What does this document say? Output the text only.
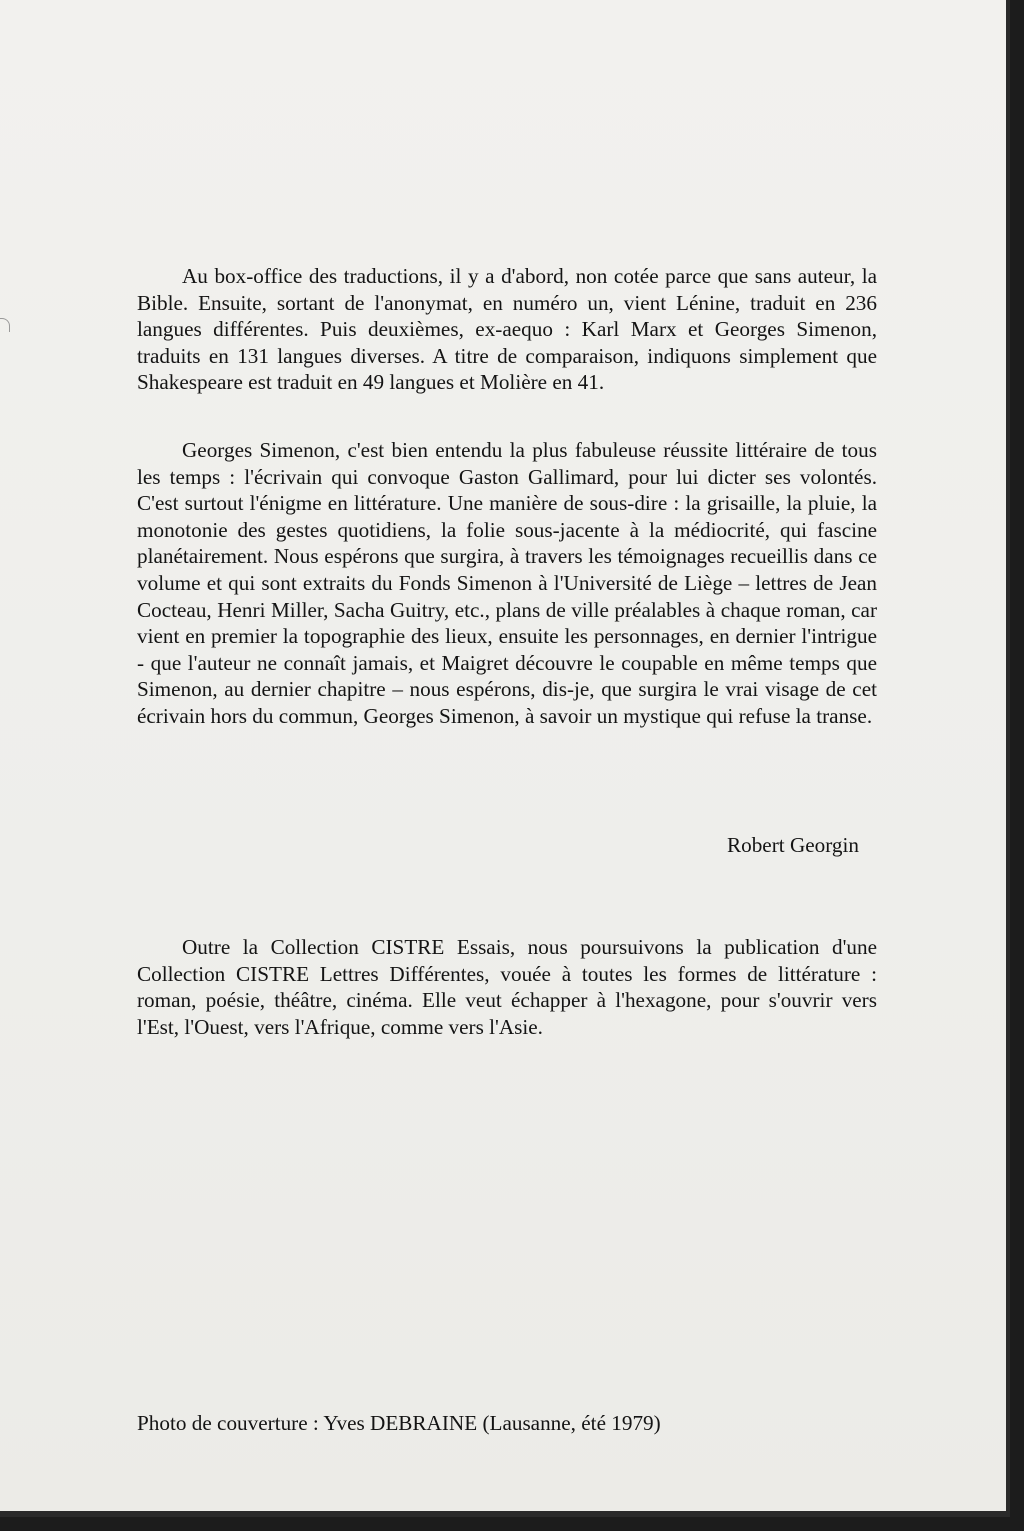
Au box-office des traductions, il y a d'abord, non cotée parce que sans auteur, la Bible. Ensuite, sortant de l'anonymat, en numéro un, vient Lénine, traduit en 236 langues différentes. Puis deuxièmes, ex-aequo : Karl Marx et Georges Simenon, traduits en 131 langues diverses. A titre de comparaison, indiquons simplement que Shakespeare est traduit en 49 langues et Molière en 41.

Georges Simenon, c'est bien entendu la plus fabuleuse réussite littéraire de tous les temps : l'écrivain qui convoque Gaston Gallimard, pour lui dicter ses volontés. C'est surtout l'énigme en littérature. Une manière de sous-dire : la grisaille, la pluie, la monotonie des gestes quotidiens, la folie sous-jacente à la médiocrité, qui fascine planétairement. Nous espérons que surgira, à travers les témoignages recueillis dans ce volume et qui sont extraits du Fonds Simenon à l'Université de Liège – lettres de Jean Cocteau, Henri Miller, Sacha Guitry, etc., plans de ville préalables à chaque roman, car vient en premier la topographie des lieux, ensuite les personnages, en dernier l'intrigue - que l'auteur ne connaît jamais, et Maigret découvre le coupable en même temps que Simenon, au dernier chapitre – nous espérons, dis-je, que surgira le vrai visage de cet écrivain hors du commun, Georges Simenon, à savoir un mystique qui refuse la transe.

Robert Georgin

Outre la Collection CISTRE Essais, nous poursuivons la publication d'une Collection CISTRE Lettres Différentes, vouée à toutes les formes de littérature : roman, poésie, théâtre, cinéma. Elle veut échapper à l'hexagone, pour s'ouvrir vers l'Est, l'Ouest, vers l'Afrique, comme vers l'Asie.

Photo de couverture : Yves DEBRAINE (Lausanne, été 1979)
